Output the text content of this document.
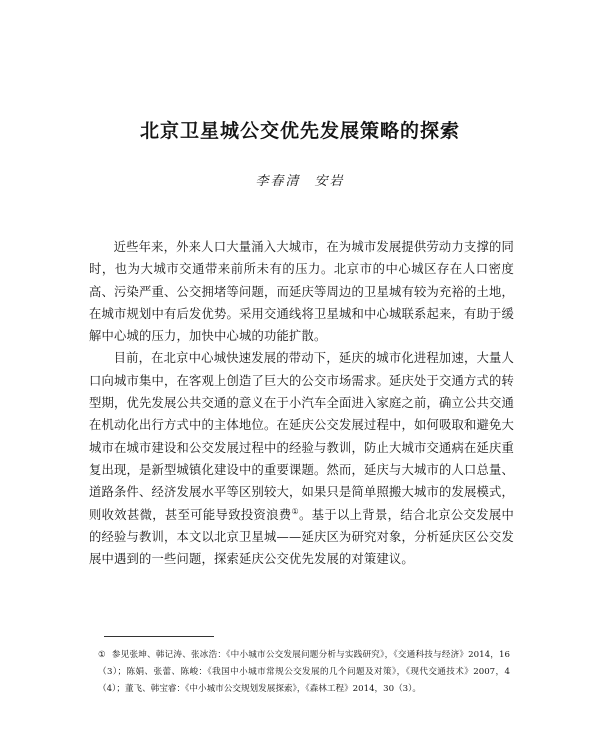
北京卫星城公交优先发展策略的探索
李春清 安岩

近些年来，外来人口大量涌入大城市，在为城市发展提供劳动力支撑的同时，也为大城市交通带来前所未有的压力。北京市的中心城区存在人口密度高、污染严重、公交拥堵等问题，而延庆等周边的卫星城有较为充裕的土地，在城市规划中有后发优势。采用交通线将卫星城和中心城联系起来，有助于缓解中心城的压力，加快中心城的功能扩散。

目前，在北京中心城快速发展的带动下，延庆的城市化进程加速，大量人口向城市集中，在客观上创造了巨大的公交市场需求。延庆处于交通方式的转型期，优先发展公共交通的意义在于小汽车全面进入家庭之前，确立公共交通在机动化出行方式中的主体地位。在延庆公交发展过程中，如何吸取和避免大城市在城市建设和公交发展过程中的经验与教训，防止大城市交通病在延庆重复出现，是新型城镇化建设中的重要课题。然而，延庆与大城市的人口总量、道路条件、经济发展水平等区别较大，如果只是简单照搬大城市的发展模式，则收效甚微，甚至可能导致投资浪费①。基于以上背景，结合北京公交发展中的经验与教训，本文以北京卫星城——延庆区为研究对象，分析延庆区公交发展中遇到的一些问题，探索延庆公交优先发展的对策建议。

① 参见张坤、韩记涛、张冰浩：《中小城市公交发展问题分析与实践研究》，《交通科技与经济》2014，16（3）；陈娟、张蕾、陈峻：《我国中小城市常规公交发展的几个问题及对策》，《现代交通技术》2007，4（4）；董飞、韩宝睿：《中小城市公交规划发展探索》，《森林工程》2014，30（3）。
